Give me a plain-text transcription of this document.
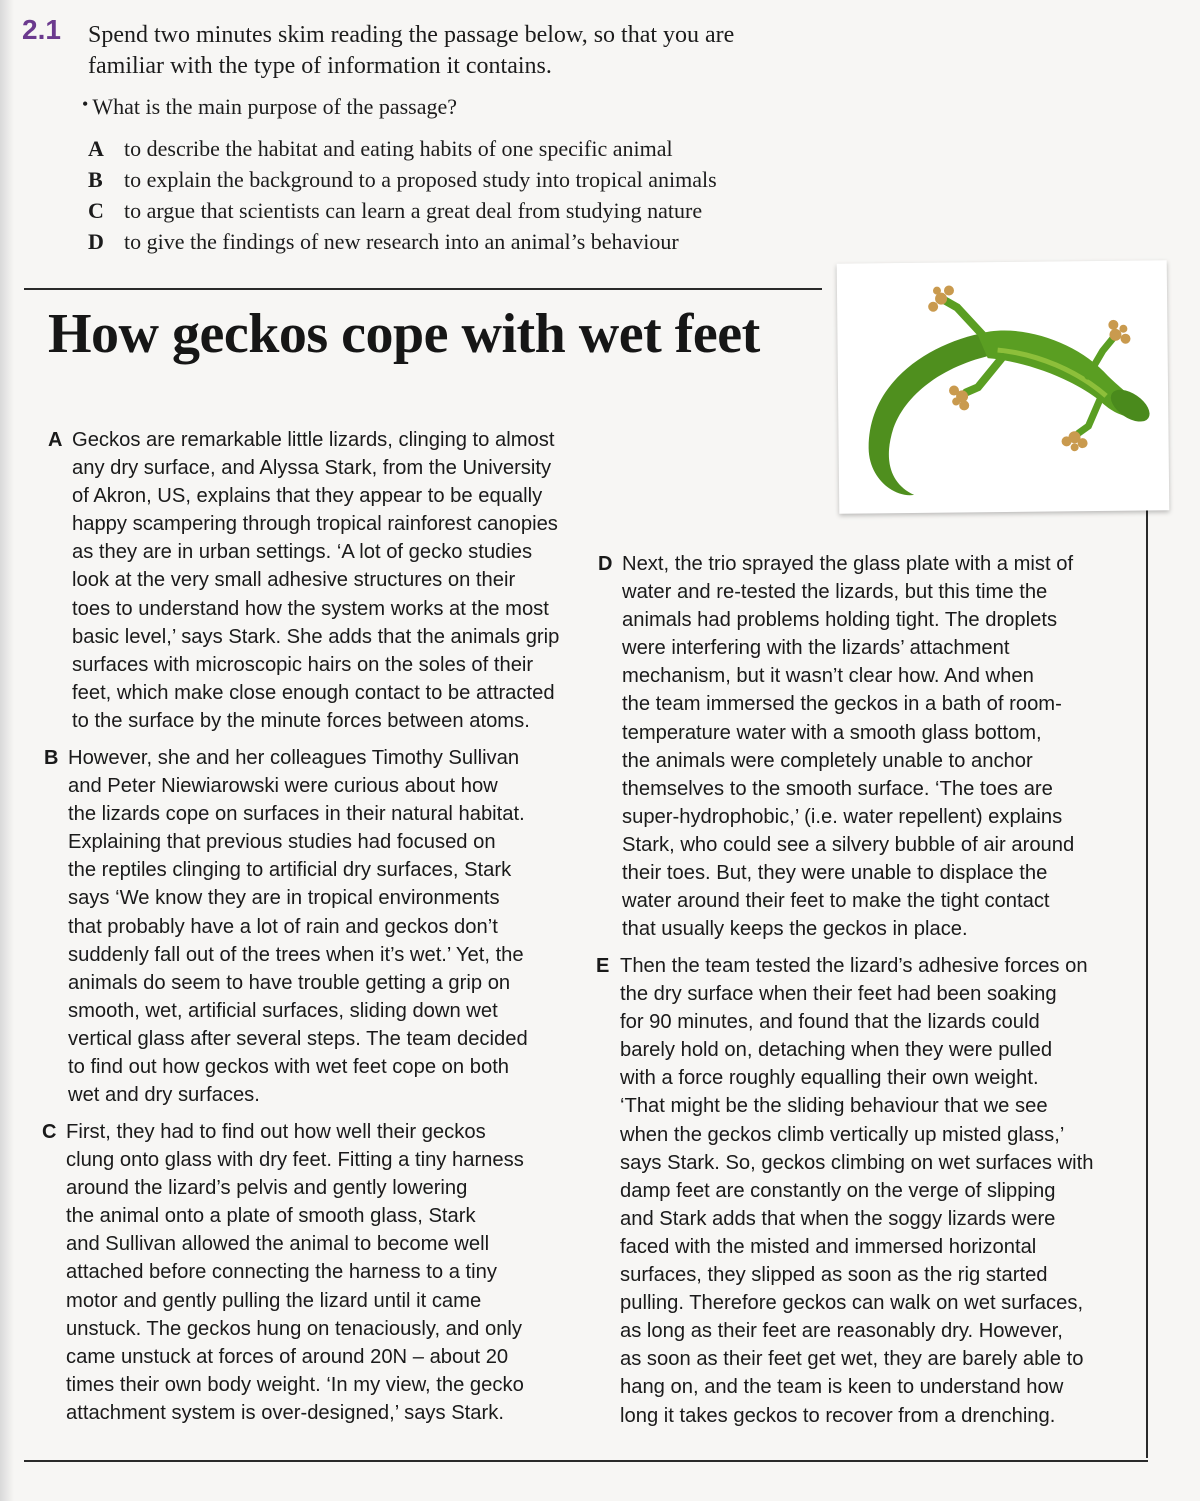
2.1 Spend two minutes skim reading the passage below, so that you are
familiar with the type of information it contains.
• What is the main purpose of the passage?
A to describe the habitat and eating habits of one specific animal
B to explain the background to a proposed study into tropical animals
C to argue that scientists can learn a great deal from studying nature
D to give the findings of new research into an animal’s behaviour
How geckos cope with wet feet
A Geckos are remarkable little lizards, clinging to almost
any dry surface, and Alyssa Stark, from the University
of Akron, US, explains that they appear to be equally
happy scampering through tropical rainforest canopies
as they are in urban settings. ‘A lot of gecko studies
look at the very small adhesive structures on their
toes to understand how the system works at the most
basic level,’ says Stark. She adds that the animals grip
surfaces with microscopic hairs on the soles of their
feet, which make close enough contact to be attracted
to the surface by the minute forces between atoms.
B However, she and her colleagues Timothy Sullivan
and Peter Niewiarowski were curious about how
the lizards cope on surfaces in their natural habitat.
Explaining that previous studies had focused on
the reptiles clinging to artificial dry surfaces, Stark
says ‘We know they are in tropical environments
that probably have a lot of rain and geckos don’t
suddenly fall out of the trees when it’s wet.’ Yet, the
animals do seem to have trouble getting a grip on
smooth, wet, artificial surfaces, sliding down wet
vertical glass after several steps. The team decided
to find out how geckos with wet feet cope on both
wet and dry surfaces.
C First, they had to find out how well their geckos
clung onto glass with dry feet. Fitting a tiny harness
around the lizard’s pelvis and gently lowering
the animal onto a plate of smooth glass, Stark
and Sullivan allowed the animal to become well
attached before connecting the harness to a tiny
motor and gently pulling the lizard until it came
unstuck. The geckos hung on tenaciously, and only
came unstuck at forces of around 20N – about 20
times their own body weight. ‘In my view, the gecko
attachment system is over-designed,’ says Stark.
D Next, the trio sprayed the glass plate with a mist of
water and re-tested the lizards, but this time the
animals had problems holding tight. The droplets
were interfering with the lizards’ attachment
mechanism, but it wasn’t clear how. And when
the team immersed the geckos in a bath of room-
temperature water with a smooth glass bottom,
the animals were completely unable to anchor
themselves to the smooth surface. ‘The toes are
super-hydrophobic,’ (i.e. water repellent) explains
Stark, who could see a silvery bubble of air around
their toes. But, they were unable to displace the
water around their feet to make the tight contact
that usually keeps the geckos in place.
E Then the team tested the lizard’s adhesive forces on
the dry surface when their feet had been soaking
for 90 minutes, and found that the lizards could
barely hold on, detaching when they were pulled
with a force roughly equalling their own weight.
‘That might be the sliding behaviour that we see
when the geckos climb vertically up misted glass,’
says Stark. So, geckos climbing on wet surfaces with
damp feet are constantly on the verge of slipping
and Stark adds that when the soggy lizards were
faced with the misted and immersed horizontal
surfaces, they slipped as soon as the rig started
pulling. Therefore geckos can walk on wet surfaces,
as long as their feet are reasonably dry. However,
as soon as their feet get wet, they are barely able to
hang on, and the team is keen to understand how
long it takes geckos to recover from a drenching.
